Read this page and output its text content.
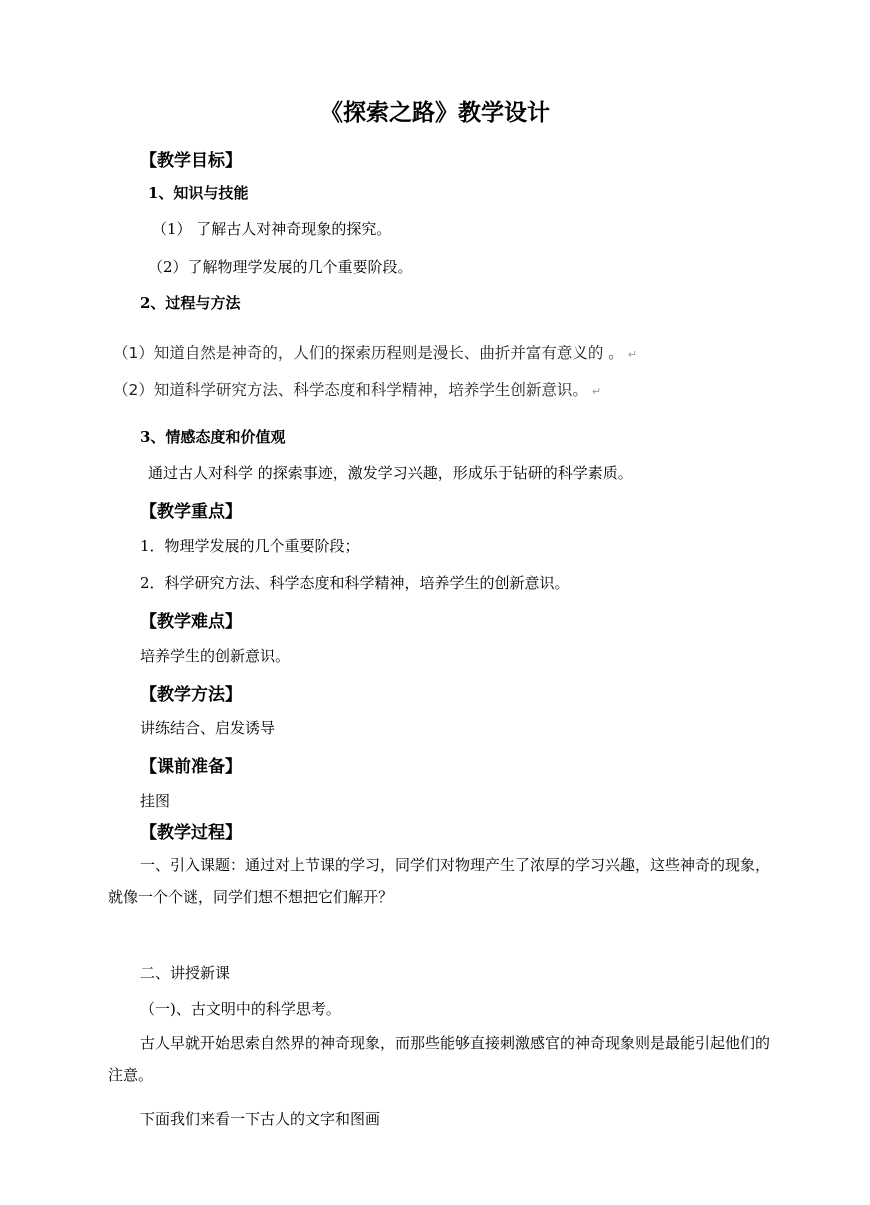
《探索之路》教学设计
【教学目标】
1、知识与技能
（1） 了解古人对神奇现象的探究。
（2）了解物理学发展的几个重要阶段。
2、过程与方法
（1）知道自然是神奇的，人们的探索历程则是漫长、曲折并富有意义的 。 ↵
（2）知道科学研究方法、科学态度和科学精神，培养学生创新意识。 ↵
3、情感态度和价值观
通过古人对科学 的探索事迹，激发学习兴趣，形成乐于钻研的科学素质。
【教学重点】
1．物理学发展的几个重要阶段；
2．科学研究方法、科学态度和科学精神，培养学生的创新意识。
【教学难点】
培养学生的创新意识。
【教学方法】
讲练结合、启发诱导
【课前准备】
挂图
【教学过程】

一、引入课题：通过对上节课的学习，同学们对物理产生了浓厚的学习兴趣，这些神奇的现象，就像一个个谜，同学们想不想把它们解开？

二、讲授新课
（一)、古文明中的科学思考。

古人早就开始思索自然界的神奇现象，而那些能够直接刺激感官的神奇现象则是最能引起他们的注意。

下面我们来看一下古人的文字和图画
